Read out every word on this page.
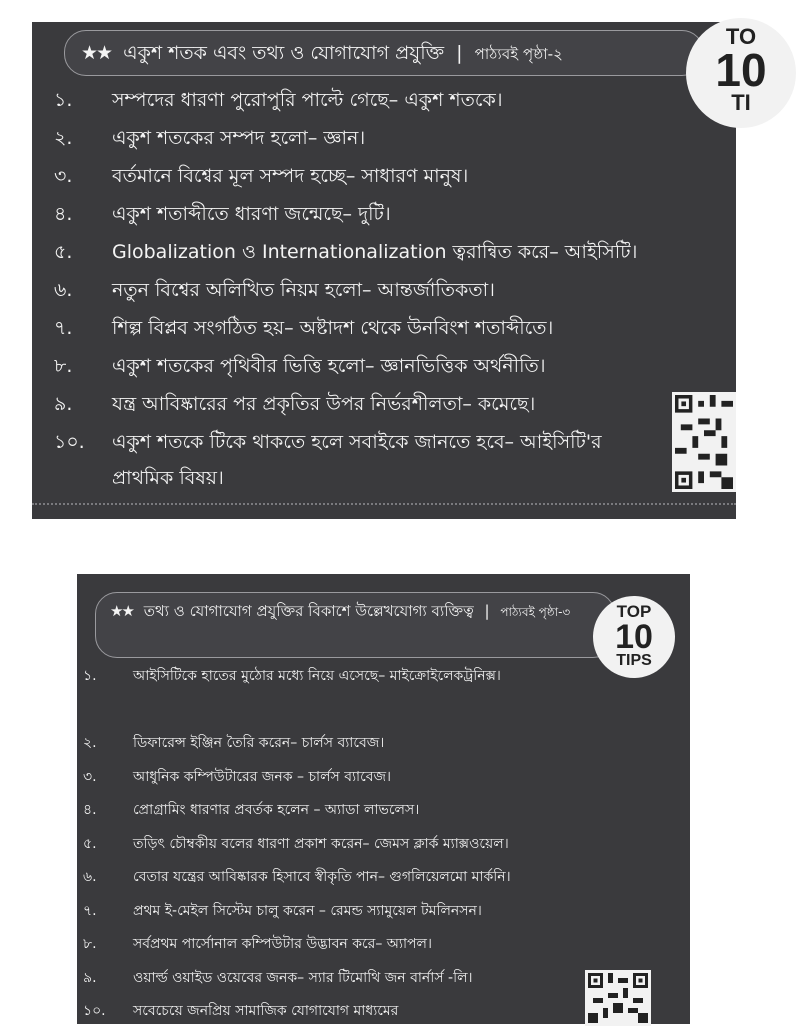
★★ এক‍ুশ শতক এবং তথ্য ও যোগাযোগ প্রযুক্তি | পাঠ্যবই পৃষ্ঠা-২
TO
10
TI
১.	সম্পদের ধারণা পুরোপুরি পাল্টে গেছে– একুশ শতকে।
২.	একুশ শতকের সম্পদ হলো– জ্ঞান।
৩.	বর্তমানে বিশ্বের মূল সম্পদ হচ্ছে– সাধারণ মানুষ।
৪.	একুশ শতাব্দীতে ধারণা জন্মেছে– দুটি।
৫.	Globalization ও Internationalization ত্বরান্বিত করে– আইসিটি।
৬.	নতুন বিশ্বের অলিখিত নিয়ম হলো– আন্তর্জাতিকতা।
৭.	শিল্প বিপ্লব সংগঠিত হয়– অষ্টাদশ থেকে উনবিংশ শতাব্দীতে।
৮.	একুশ শতকের পৃথিবীর ভিত্তি হলো– জ্ঞানভিত্তিক অর্থনীতি।
৯.	যন্ত্র আবিষ্কারের পর প্রকৃতির উপর নির্ভরশীলতা– কমেছে।
১০.	একুশ শতকে টিকে থাকতে হলে সবাইকে জানতে হবে– আইসিটি'র প্রাথমিক বিষয়।
★★ তথ্য ও যোগাযোগ প্রযুক্তির বিকাশে উল্লেখযোগ্য ব্যক্তিত্ব | পাঠ্যবই পৃষ্ঠা-৩	TOP
10
TIPS
১.	আইসিটিকে হাতের মুঠোর মধ্যে নিয়ে এসেছে– মাইক্রোইলেকট্রনিক্স।
২.	ডিফারেন্স ইঞ্জিন তৈরি করেন– চার্লস ব্যাবেজ।
৩.	আধুনিক কম্পিউটারের জনক – চার্লস ব্যাবেজ।
৪.	প্রোগ্রামিং ধারণার প্রবর্তক হলেন – অ্যাডা লাভলেস।
৫.	তড়িৎ চৌম্বকীয় বলের ধারণা প্রকাশ করেন– জেমস ক্লার্ক ম্যাক্সওয়েল।
৬.	বেতার যন্ত্রের আবিষ্কারক হিসাবে স্বীকৃতি পান– গুগলিয়েলমো মার্কনি।
৭.	প্রথম ই-মেইল সিস্টেম চালু করেন – রেমন্ড স্যামুয়েল টমলিনসন।
৮.	সর্বপ্রথম পার্সোনাল কম্পিউটার উদ্ভাবন করে– অ্যাপল।
৯.	ওয়ার্ল্ড ওয়াইড ওয়েবের জনক– স্যার টিমোথি জন বার্নার্স -লি।
১০.	সবেচেয়ে জনপ্রিয় সামাজিক যোগাযোগ মাধ্যমের
